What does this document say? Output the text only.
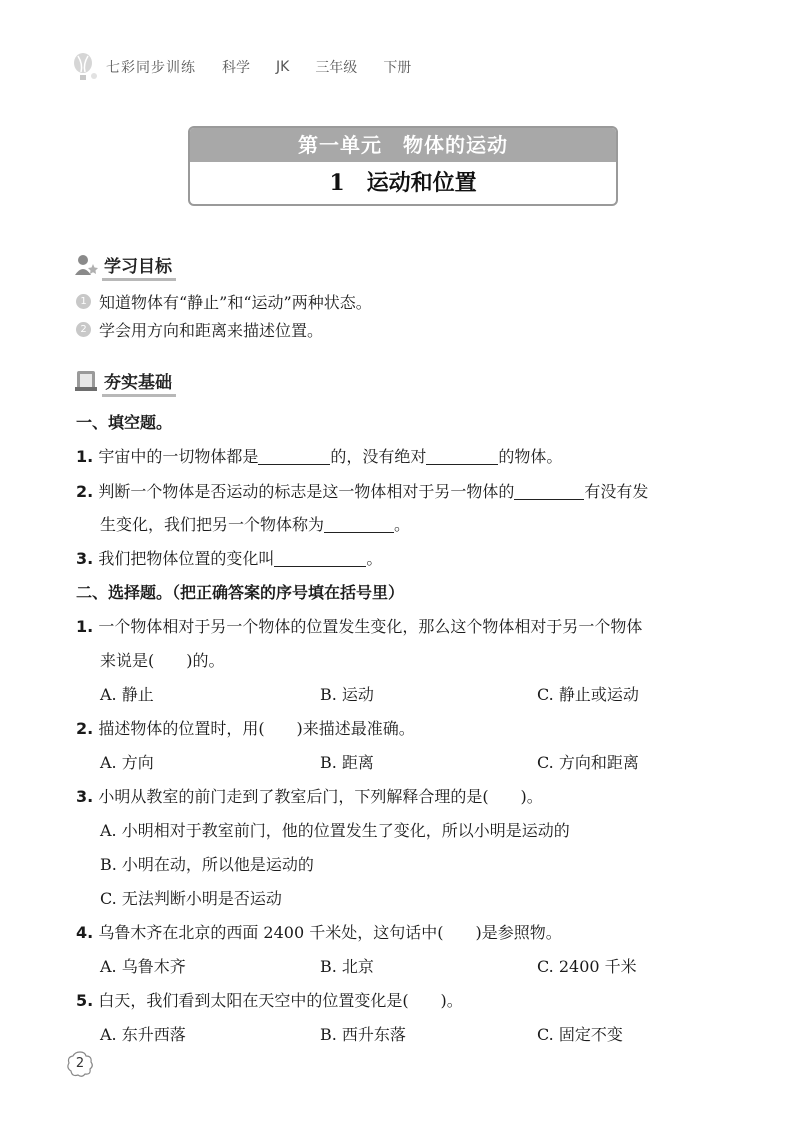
七彩同步训练 科学 JK 三年级 下册
第一单元　物体的运动
1　运动和位置
学习目标
1 知道物体有“静止”和“运动”两种状态。
2 学会用方向和距离来描述位置。
夯实基础
一、填空题。
1. 宇宙中的一切物体都是	的，没有绝对	的物体。
2. 判断一个物体是否运动的标志是这一物体相对于另一物体的	有没有发
生变化，我们把另一个物体称为	。
3. 我们把物体位置的变化叫	。
二、选择题。（把正确答案的序号填在括号里）
1. 一个物体相对于另一个物体的位置发生变化，那么这个物体相对于另一个物体
来说是(　　)的。
A. 静止	B. 运动	C. 静止或运动
2. 描述物体的位置时，用(　　)来描述最准确。
A. 方向	B. 距离	C. 方向和距离
3. 小明从教室的前门走到了教室后门，下列解释合理的是(　　)。
A. 小明相对于教室前门，他的位置发生了变化，所以小明是运动的
B. 小明在动，所以他是运动的
C. 无法判断小明是否运动
4. 乌鲁木齐在北京的西面 2400 千米处，这句话中(　　)是参照物。
A. 乌鲁木齐	B. 北京	C. 2400 千米
5. 白天，我们看到太阳在天空中的位置变化是(　　)。
A. 东升西落	B. 西升东落	C. 固定不变
2
